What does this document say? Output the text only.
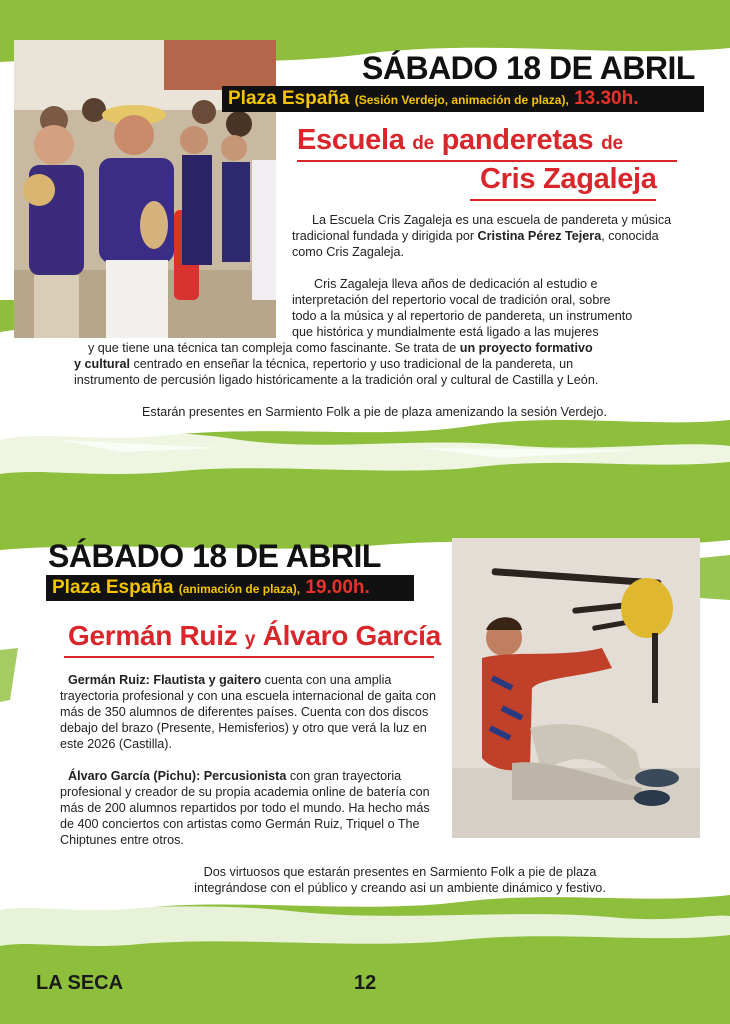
SÁBADO 18 DE ABRIL
Plaza España (Sesión Verdejo, animación de plaza), 13.30h.
Escuela de panderetas de
Cris Zagaleja
La Escuela Cris Zagaleja es una escuela de pandereta y música tradicional fundada y dirigida por Cristina Pérez Tejera, conocida como Cris Zagaleja.

Cris Zagaleja lleva años de dedicación al estudio e

interpretación del repertorio vocal de tradición oral, sobre

todo a la música y al repertorio de pandereta, un instrumento

que histórica y mundialmente está ligado a las mujeres

y que tiene una técnica tan compleja como fascinante. Se trata de un proyecto formativo

y cultural centrado en enseñar la técnica, repertorio y uso tradicional de la pandereta, un

instrumento de percusión ligado históricamente a la tradición oral y cultural de Castilla y León.

Estarán presentes en Sarmiento Folk a pie de plaza amenizando la sesión Verdejo.
SÁBADO 18 DE ABRIL
Plaza España (animación de plaza), 19.00h.
Germán Ruiz y Álvaro García
Germán Ruiz: Flautista y gaitero cuenta con una amplia trayectoria profesional y con una escuela internacional de gaita con más de 350 alumnos de diferentes países. Cuenta con dos discos debajo del brazo (Presente, Hemisferios) y otro que verá la luz en este 2026 (Castilla).
Álvaro García (Pichu): Percusionista con gran trayectoria profesional y creador de su propia academia online de batería con más de 200 alumnos repartidos por todo el mundo. Ha hecho más de 400 conciertos con artistas como Germán Ruiz, Triquel o The Chiptunes entre otros.

Dos virtuosos que estarán presentes en Sarmiento Folk a pie de plaza

integrándose con el público y creando asi un ambiente dinámico y festivo.

LA SECA	12
